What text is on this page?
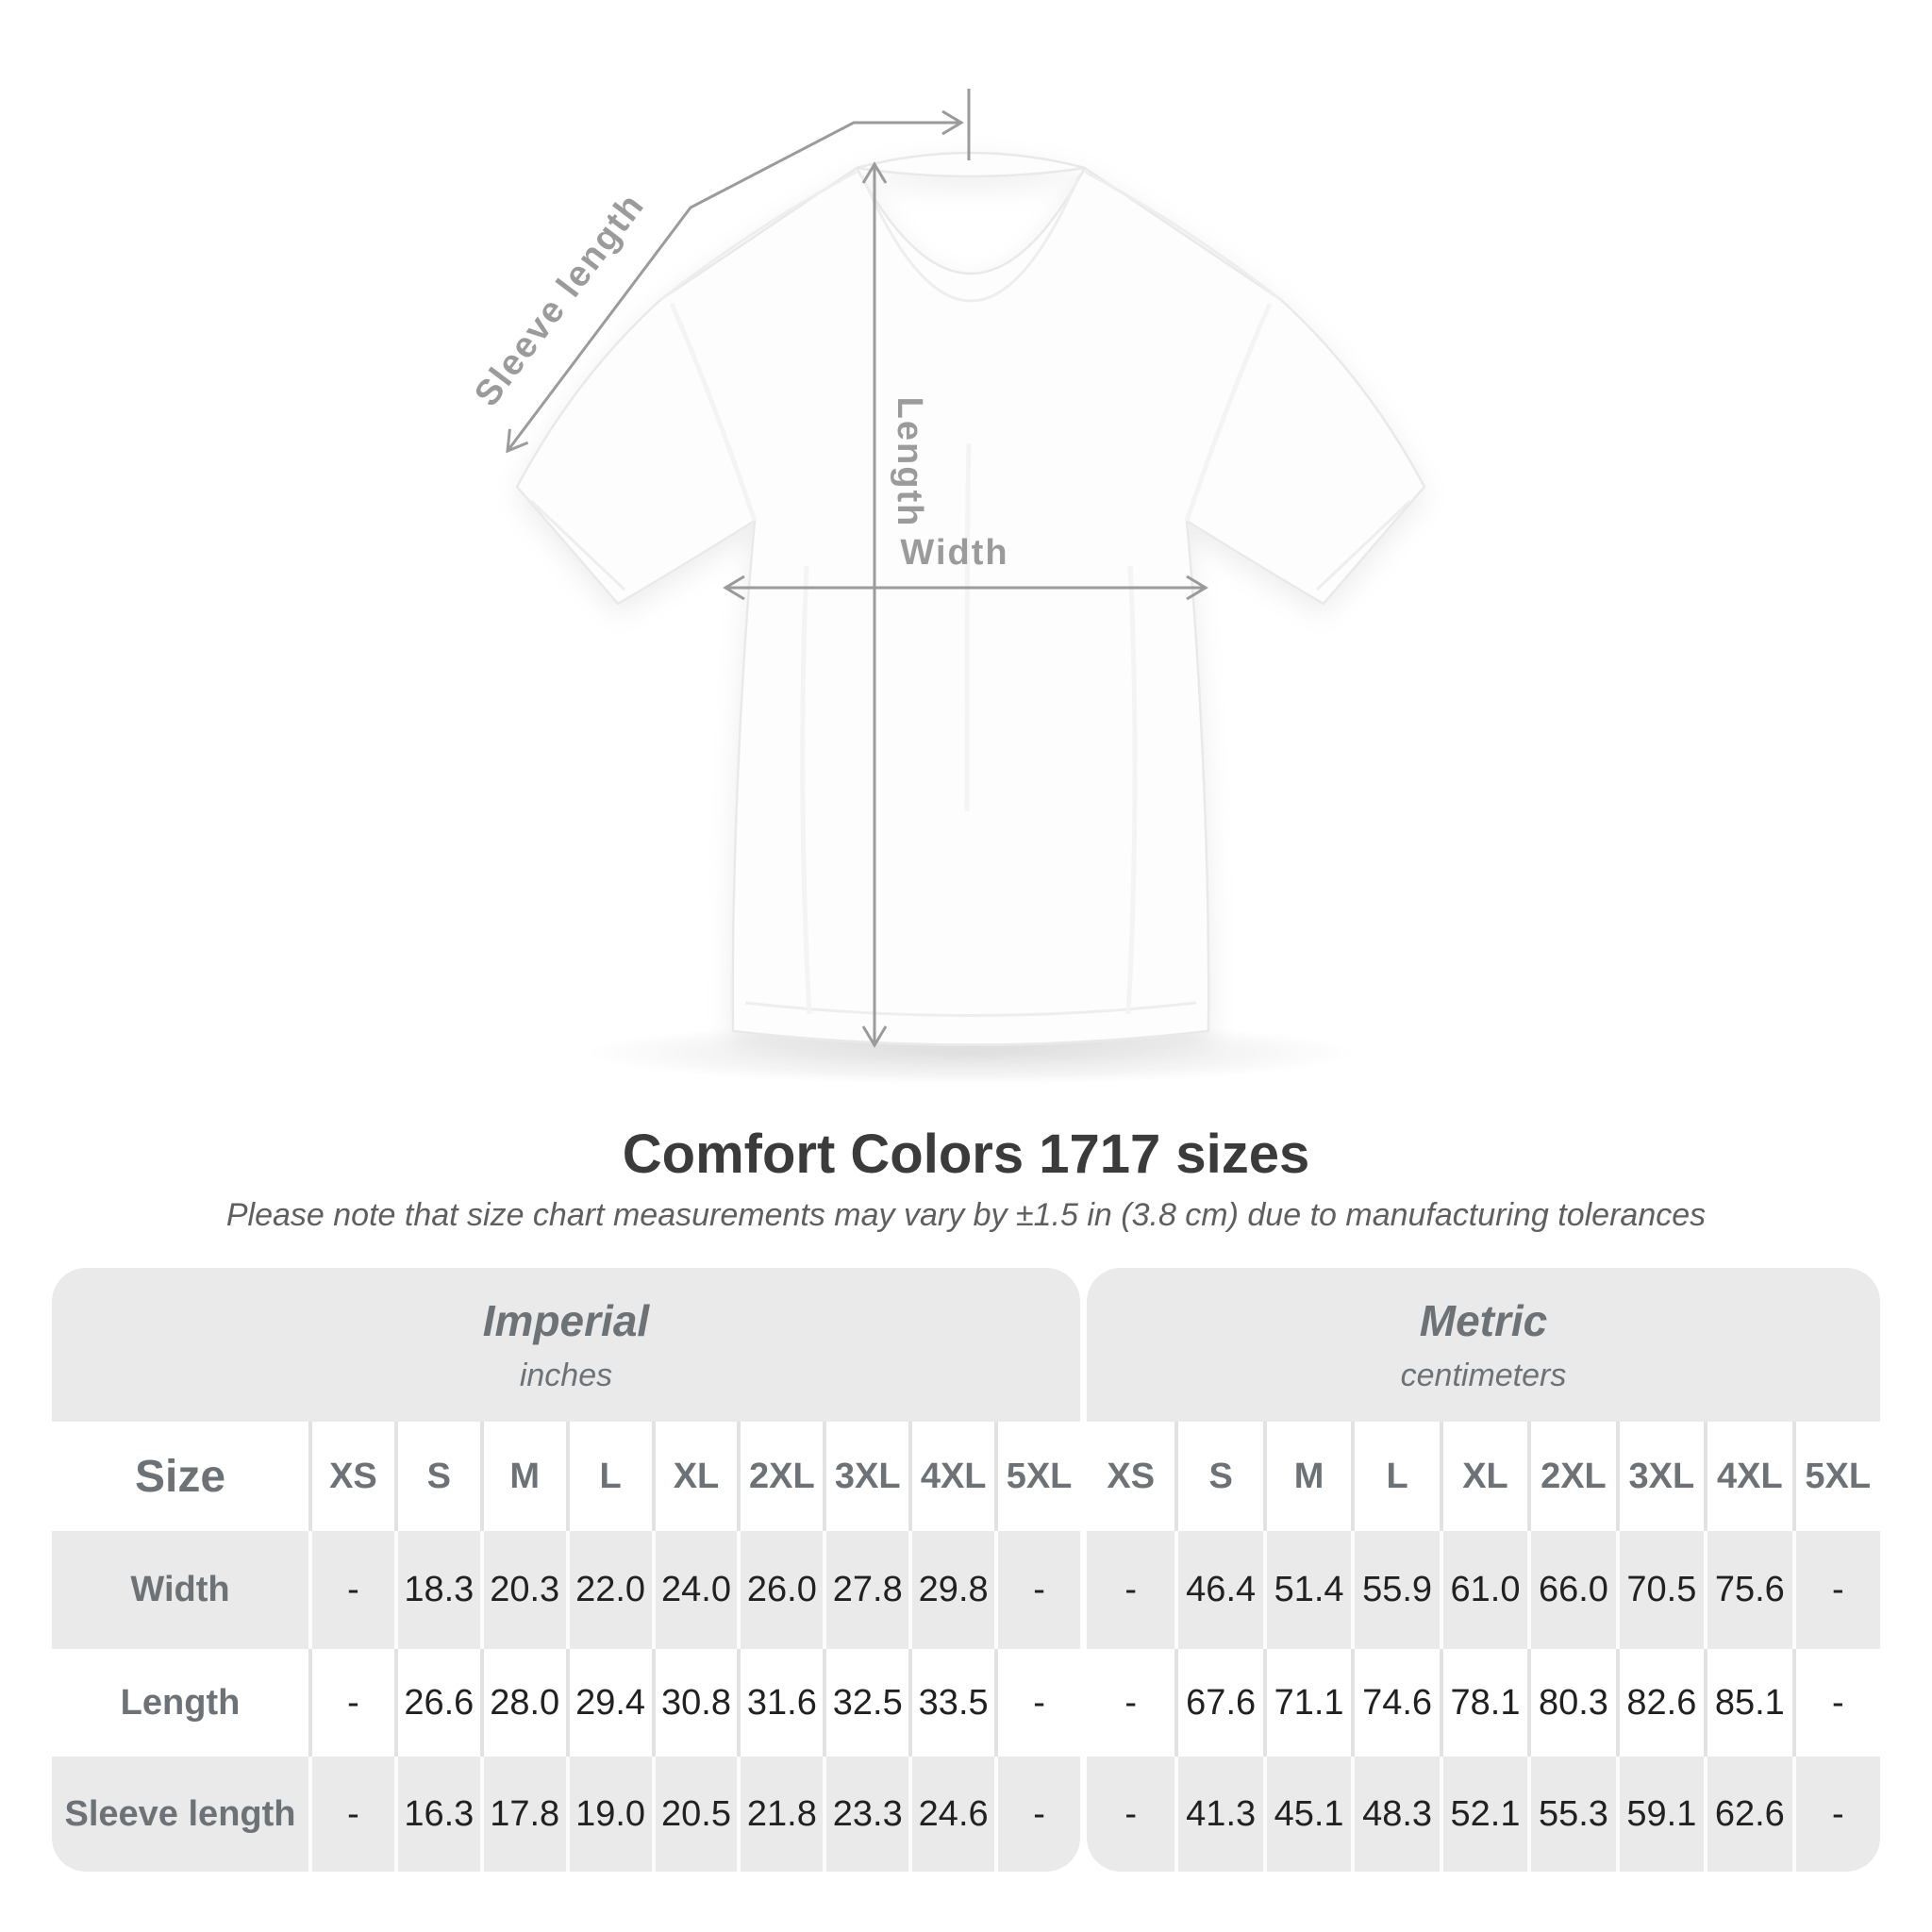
Sleeve length
Length
Width
Comfort Colors 1717 sizes
Please note that size chart measurements may vary by ±1.5 in (3.8 cm) due to manufacturing tolerances
Imperial
inches
Size	XS	S	M	L	XL 2XL 3XL 4XL 5XL
Width	-	18.3 20.3 22.0 24.0 26.0 27.8 29.8	-
Length	-	26.6 28.0 29.4 30.8 31.6 32.5 33.5	-
Sleeve length	-	16.3 17.8 19.0 20.5 21.8 23.3 24.6	-
Metric
centimeters
XS	S	M	L	XL 2XL 3XL 4XL 5XL
-	46.4 51.4 55.9 61.0 66.0 70.5 75.6	-
-	67.6 71.1 74.6 78.1 80.3 82.6 85.1	-
-	41.3 45.1 48.3 52.1 55.3 59.1 62.6	-
